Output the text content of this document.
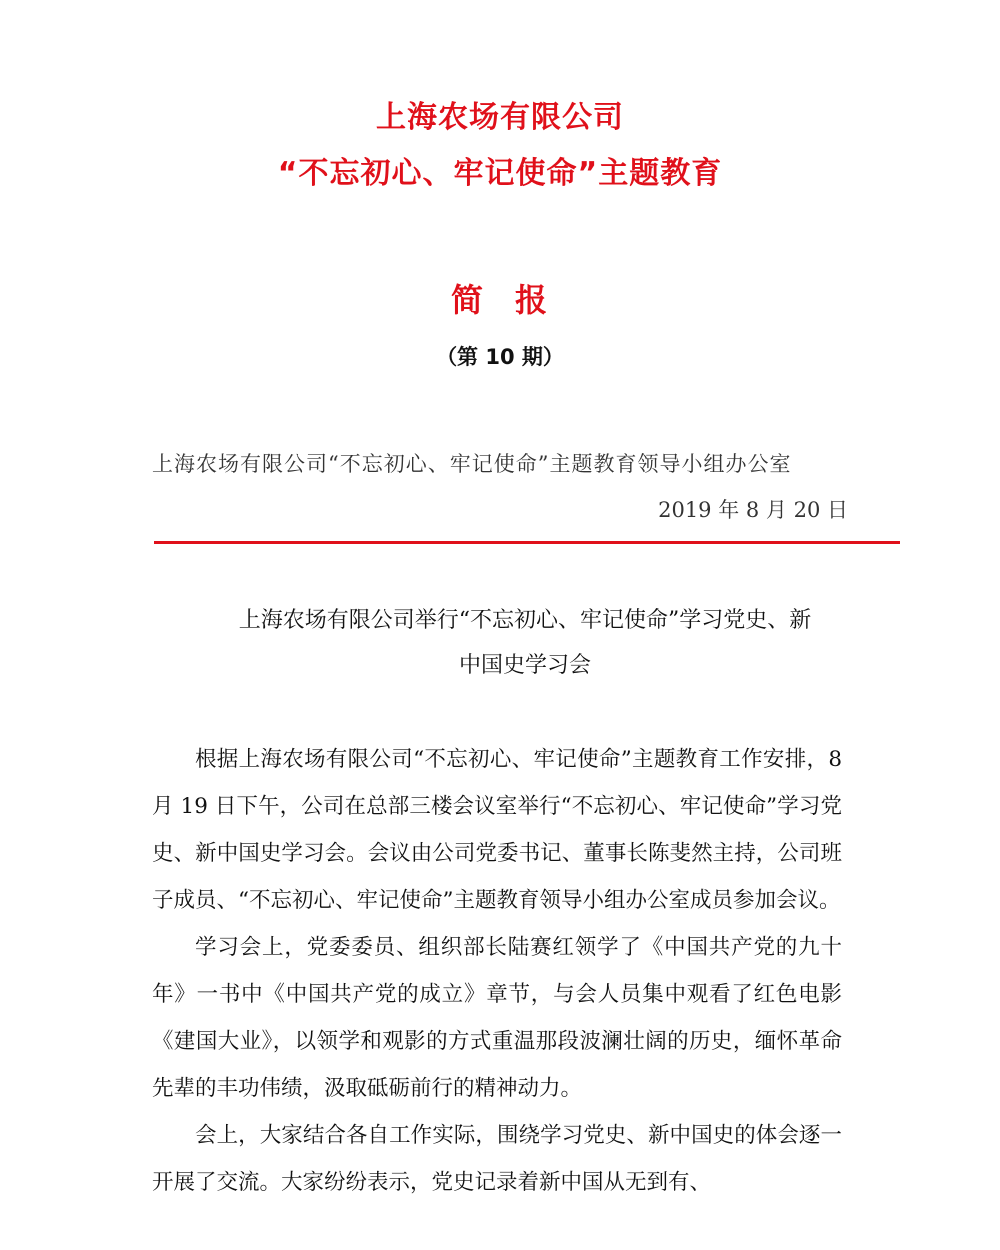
上海农场有限公司
“不忘初心、牢记使命”主题教育
简 报
（第 10 期）
上海农场有限公司“不忘初心、牢记使命”主题教育领导小组办公室
2019 年 8 月 20 日
上海农场有限公司举行“不忘初心、牢记使命”学习党史、新
中国史学习会

根据上海农场有限公司“不忘初心、牢记使命”主题教育工作安排，8 月 19 日下午，公司在总部三楼会议室举行“不忘初心、牢记使命”学习党史、新中国史学习会。会议由公司党委书记、董事长陈斐然主持，公司班子成员、“不忘初心、牢记使命”主题教育领导小组办公室成员参加会议。

学习会上，党委委员、组织部长陆赛红领学了《中国共产党的九十年》一书中《中国共产党的成立》章节，与会人员集中观看了红色电影《建国大业》，以领学和观影的方式重温那段波澜壮阔的历史，缅怀革命先辈的丰功伟绩，汲取砥砺前行的精神动力。

会上，大家结合各自工作实际，围绕学习党史、新中国史的体会逐一开展了交流。大家纷纷表示，党史记录着新中国从无到有、
